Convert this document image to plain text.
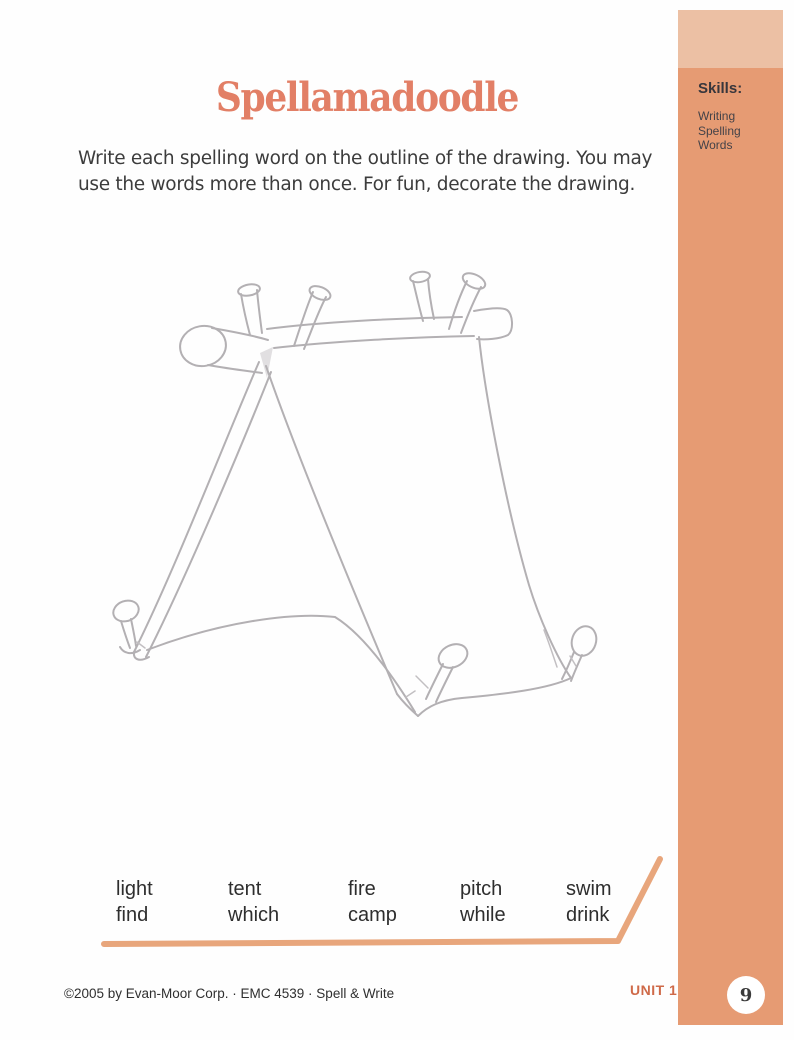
Skills:
Writing
Spelling
Words
Spellamadoodle
Write each spelling word on the outline of the drawing. You may
use the words more than once. For fun, decorate the drawing.
light
find
tent
which
fire
camp
pitch
while
swim
drink
©2005 by Evan-Moor Corp. · EMC 4539 · Spell & Write	UNIT 1	9
